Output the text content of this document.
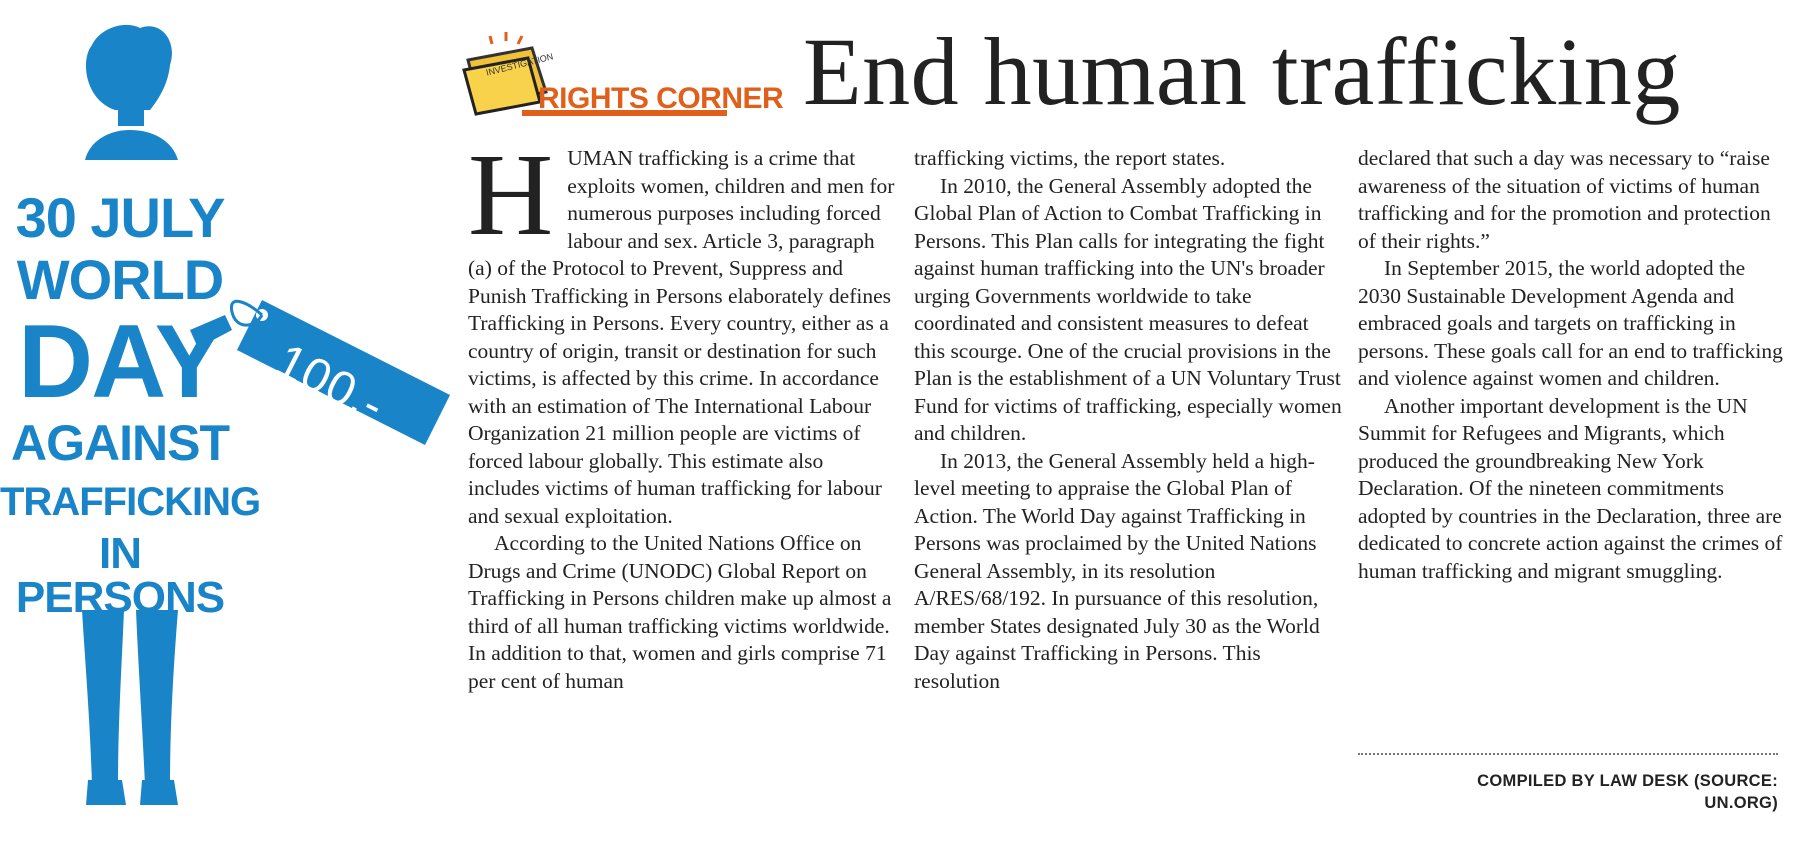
30 JULY
WORLD
DAY
AGAINST
TRAFFICKING
IN PERSONS
100.-
INVESTIGATION
RIGHTS CORNER End human trafficking
H UMAN trafficking is a crime that exploits women, children and men for numerous purposes including forced labour and sex. Article 3, paragraph (a) of the Protocol to Prevent, Suppress and Punish Trafficking in Persons elaborately defines Trafficking in Persons. Every country, either as a country of origin, transit or destination for such victims, is affected by this crime. In accordance with an estimation of The International Labour Organization 21 million people are victims of forced labour globally. This estimate also includes victims of human trafficking for labour and sexual exploitation.

According to the United Nations Office on Drugs and Crime (UNODC) Global Report on Trafficking in Persons children make up almost a third of all human trafficking victims worldwide. In addition to that, women and girls comprise 71 per cent of human

trafficking victims, the report states.

In 2010, the General Assembly adopted the Global Plan of Action to Combat Trafficking in Persons. This Plan calls for integrating the fight against human trafficking into the UN's broader urging Governments worldwide to take coordinated and consistent measures to defeat this scourge. One of the crucial provisions in the Plan is the establishment of a UN Voluntary Trust Fund for victims of trafficking, especially women and children.

In 2013, the General Assembly held a high-level meeting to appraise the Global Plan of Action. The World Day against Trafficking in Persons was proclaimed by the United Nations General Assembly, in its resolution A/RES/68/192. In pursuance of this resolution, member States designated July 30 as the World Day against Trafficking in Persons. This resolution

declared that such a day was necessary to “raise awareness of the situation of victims of human trafficking and for the promotion and protection of their rights.”

In September 2015, the world adopted the 2030 Sustainable Development Agenda and embraced goals and targets on trafficking in persons. These goals call for an end to trafficking and violence against women and children.

Another important development is the UN Summit for Refugees and Migrants, which produced the groundbreaking New York Declaration. Of the nineteen commitments adopted by countries in the Declaration, three are dedicated to concrete action against the crimes of human trafficking and migrant smuggling.

COMPILED BY LAW DESK (SOURCE:
UN.ORG)
